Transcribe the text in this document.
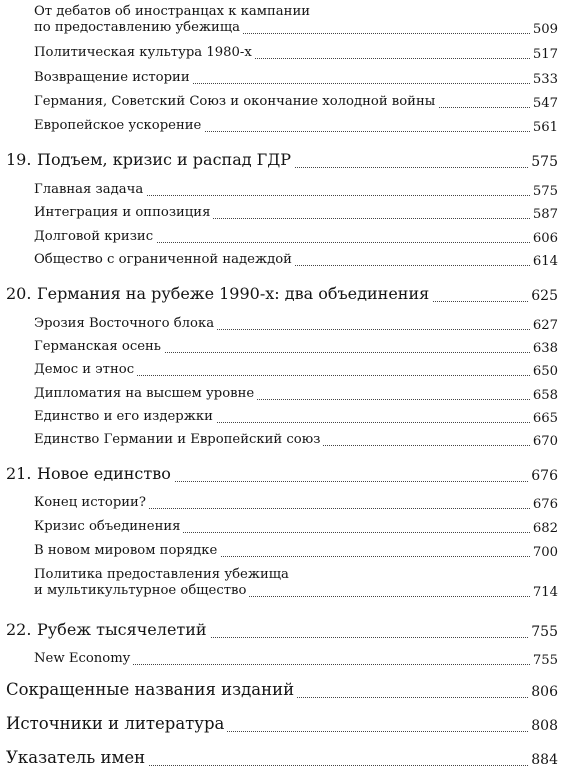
От дебатов об иностранцах к кампании
по предоставлению убежища	509
Политическая культура 1980-х	517
Возвращение истории	533
Германия, Советский Союз и окончание холодной войны	547
Европейское ускорение	561
19. Подъем, кризис и распад ГДР	575
Главная задача	575
Интеграция и оппозиция	587
Долговой кризис	606
Общество с ограниченной надеждой	614
20. Германия на рубеже 1990-х: два объединения	625
Эрозия Восточного блока	627
Германская осень	638
Демос и этнос	650
Дипломатия на высшем уровне	658
Единство и его издержки	665
Единство Германии и Европейский союз	670
21. Новое единство	676
Конец истории?	676
Кризис объединения	682
В новом мировом порядке	700
Политика предоставления убежища
и мультикультурное общество	714
22. Рубеж тысячелетий	755
New Economy	755
Сокращенные названия изданий	806
Источники и литература	808
Указатель имен	884
